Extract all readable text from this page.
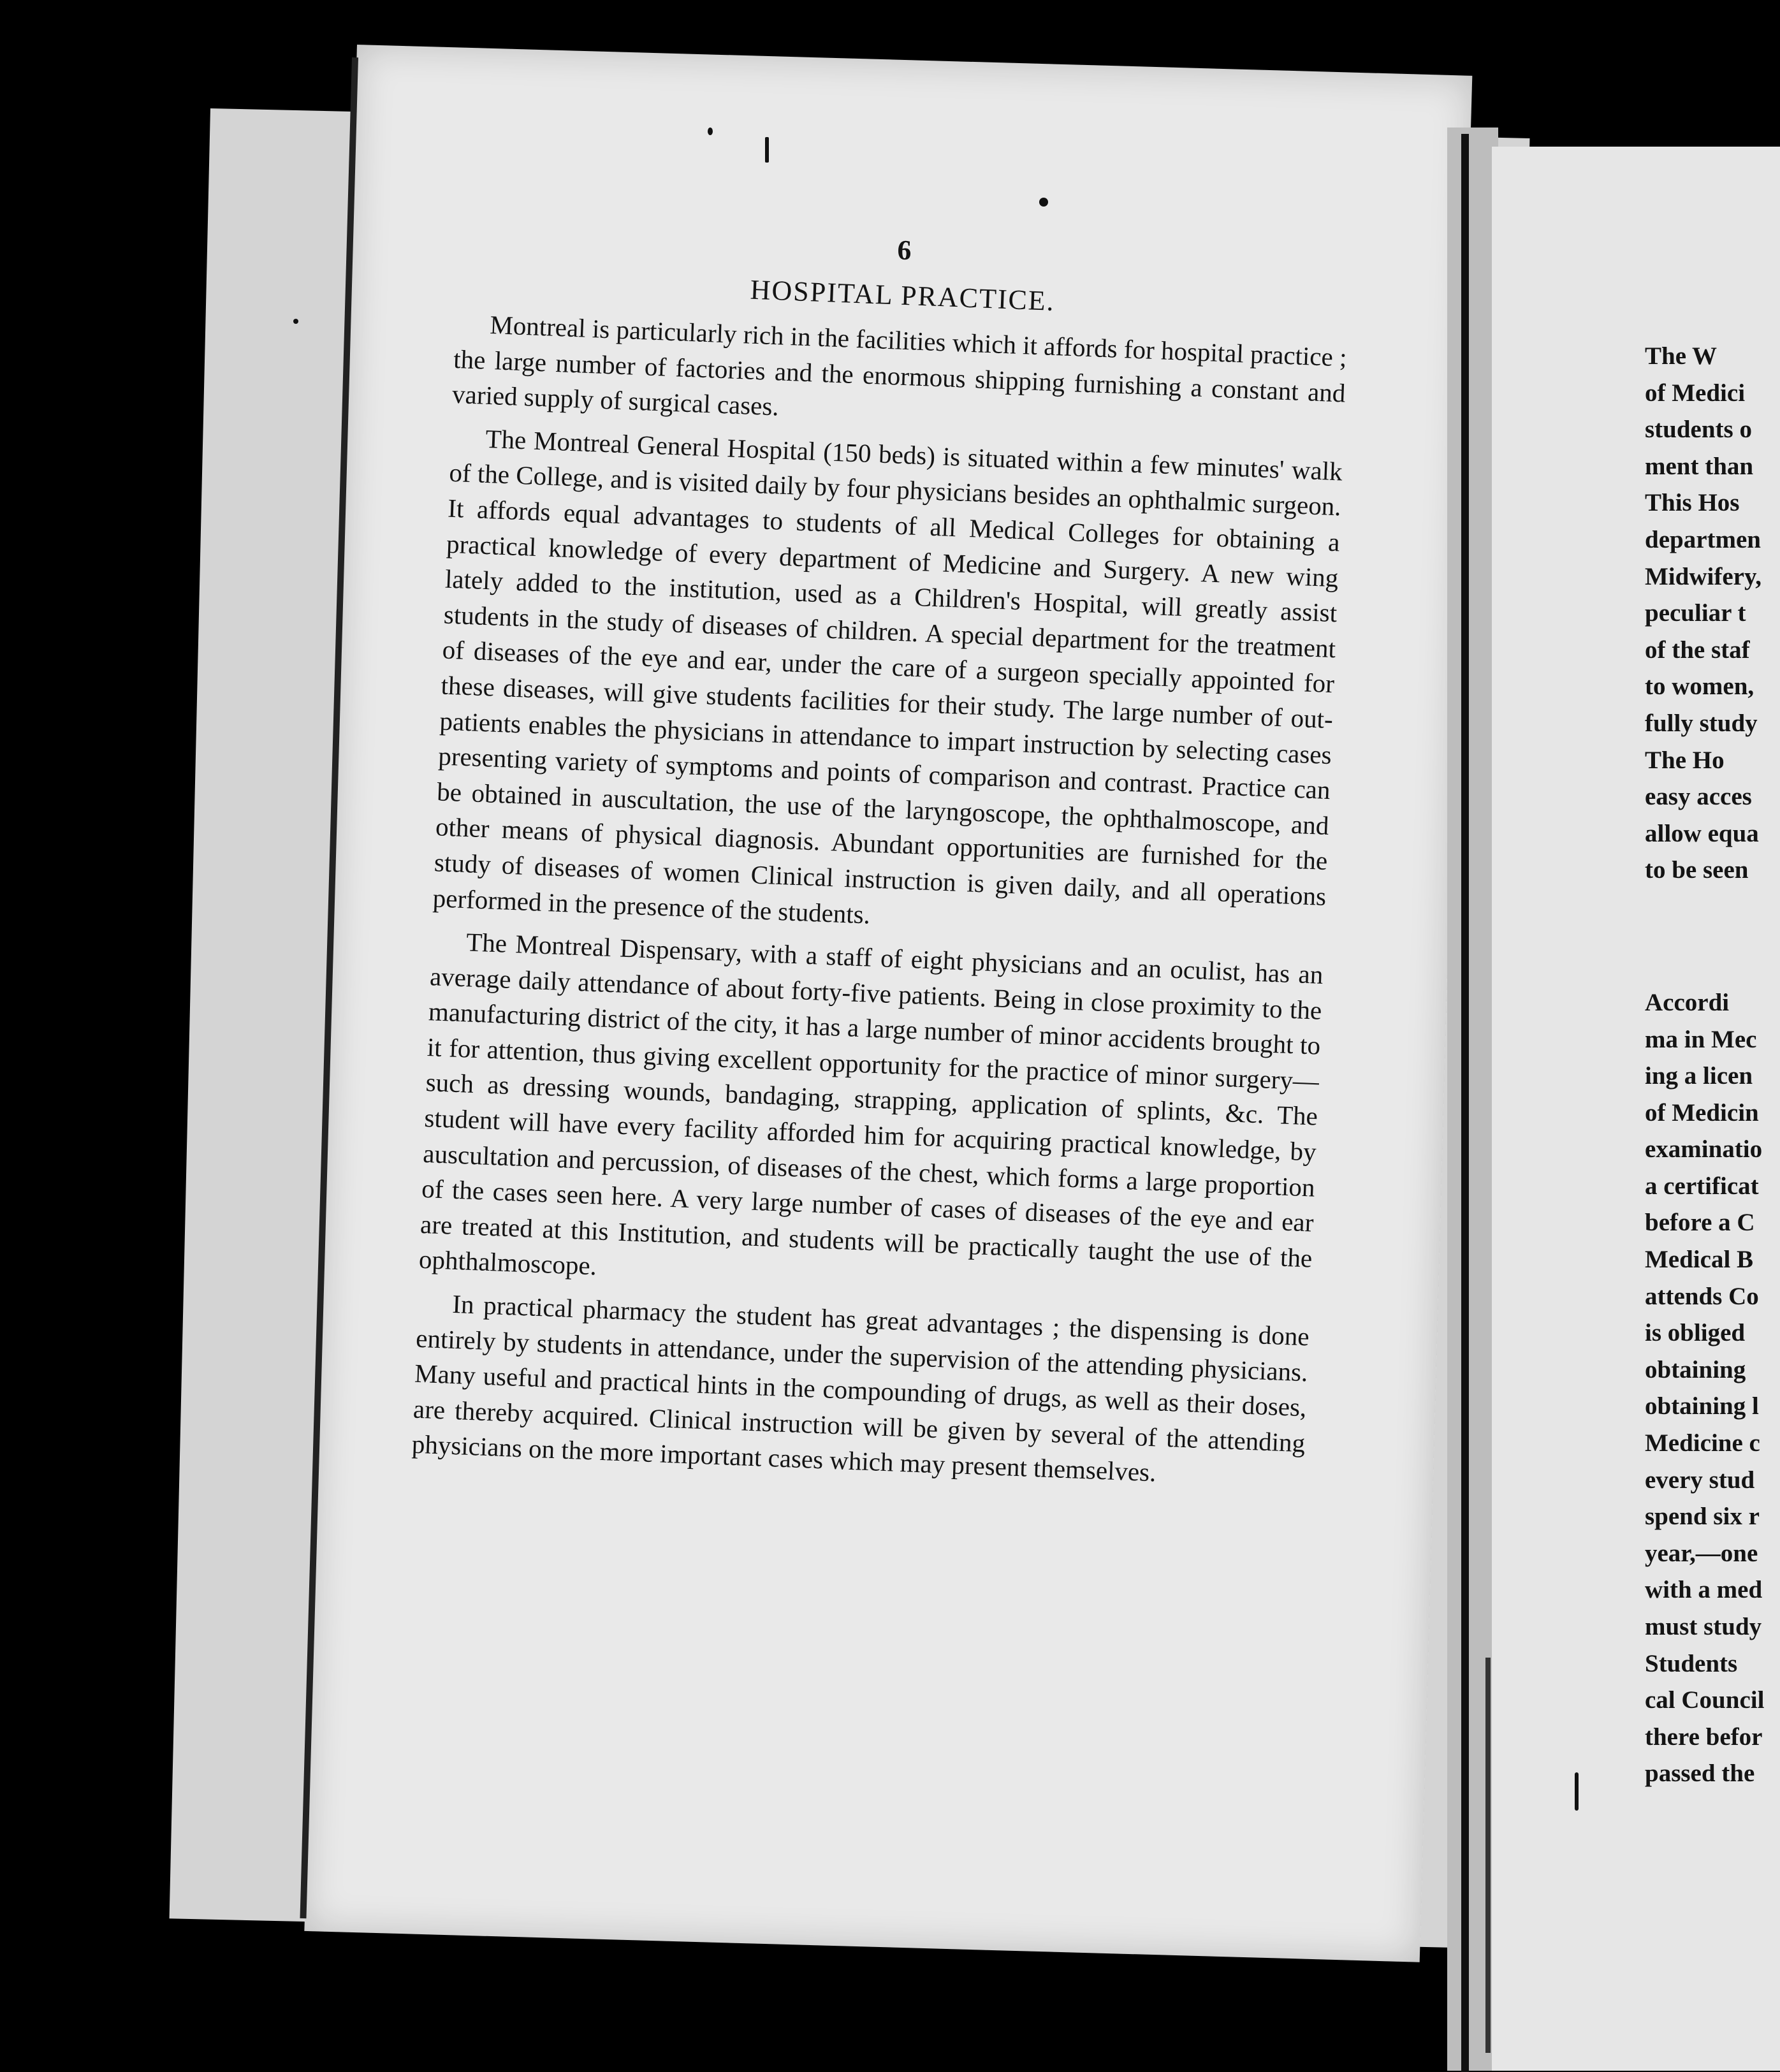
6
HOSPITAL PRACTICE.

Montreal is particularly rich in the facilities which it affords for hospital practice ; the large number of factories and the enormous shipping furnishing a constant and varied supply of surgical cases.

The Montreal General Hospital (150 beds) is situated within a few minutes' walk of the College, and is visited daily by four physicians besides an ophthalmic surgeon. It affords equal advantages to students of all Medical Colleges for obtaining a practical knowledge of every department of Medicine and Surgery. A new wing lately added to the institution, used as a Children's Hospital, will greatly assist students in the study of diseases of children. A special department for the treatment of diseases of the eye and ear, under the care of a surgeon specially appointed for these diseases, will give students facilities for their study. The large number of out-patients enables the physicians in attendance to impart instruction by selecting cases presenting variety of symptoms and points of comparison and contrast. Practice can be obtained in auscultation, the use of the laryngoscope, the ophthalmoscope, and other means of physical diagnosis. Abundant opportunities are furnished for the study of diseases of women Clinical instruction is given daily, and all operations performed in the presence of the students.

The Montreal Dispensary, with a staff of eight physicians and an oculist, has an average daily attendance of about forty-five patients. Being in close proximity to the manufacturing district of the city, it has a large number of minor accidents brought to it for attention, thus giving excellent opportunity for the practice of minor surgery—such as dressing wounds, bandaging, strapping, application of splints, &c. The student will have every facility afforded him for acquiring practical knowledge, by auscultation and percussion, of diseases of the chest, which forms a large proportion of the cases seen here. A very large number of cases of diseases of the eye and ear are treated at this Institution, and students will be practically taught the use of the ophthalmoscope.

In practical pharmacy the student has great advantages ; the dispensing is done entirely by students in attendance, under the supervision of the attending physicians. Many useful and practical hints in the compounding of drugs, as well as their doses, are thereby acquired. Clinical instruction will be given by several of the attending physicians on the more important cases which may present themselves.

The W
of Medici
students o
ment than
This Hos
departmen
Midwifery,
peculiar t
of the staf
to women,
fully study
The Ho
easy acces
allow equa
to be seen
Accordi
ma in Mec
ing a licen
of Medicin
examinatio
a certificat
before a C
Medical B
attends Co
is obliged
obtaining
obtaining l
Medicine c
every stud
spend six r
year,—one
with a med
must study
Students
cal Council
there befor
passed the
